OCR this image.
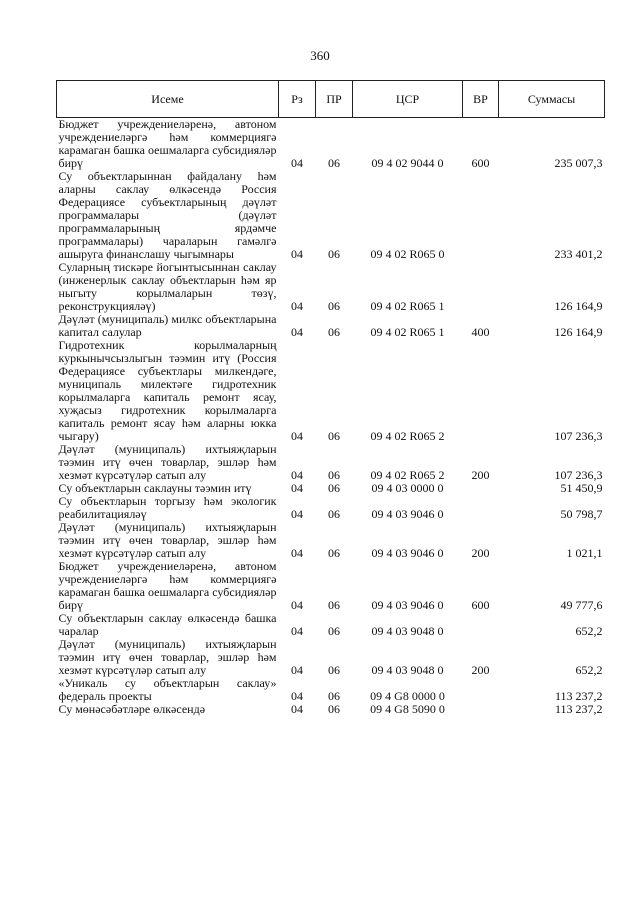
360
Исеме	Рз	ПР	ЦСР	ВР	Суммасы
Бюджет учреждениеләренә, автоном учреждениеләргә һәм коммерциягә карамаган башка оешмаларга субсидияләр бирү	04	06	09 4 02 9044 0	600	235 007,3
Су объектларыннан файдалану һәм аларны саклау өлкәсендә Россия Федерациясе субъектларының дәүләт программалары (дәүләт программаларының ярдәмче программалары) чараларын гамәлгә ашыруга финанслашу чыгымнары	04	06	09 4 02 R065 0		233 401,2
Суларның тискәре йогынтысыннан саклау (инженерлык саклау объектларын һәм яр ныгыту корылмаларын төзү, реконструкцияләү)	04	06	09 4 02 R065 1		126 164,9
Дәүләт (муниципаль) милкс объектларына капитал салулар	04	06	09 4 02 R065 1	400	126 164,9
Гидротехник корылмаларның куркынычсызлыгын тәэмин итү (Россия Федерациясе субъектлары милкендәге, муниципаль милектәге гидротехник корылмаларга капиталь ремонт ясау, хуҗасыз гидротехник корылмаларга капиталь ремонт ясау һәм аларны юкка чыгару)	04	06	09 4 02 R065 2		107 236,3
Дәүләт (муниципаль) ихтыяҗларын тәэмин итү өчен товарлар, эшләр һәм хезмәт күрсәтүләр сатып алу	04	06	09 4 02 R065 2	200	107 236,3
Су объектларын саклауны тәэмин итү	04	06	09 4 03 0000 0		51 450,9
Су объектларын торгызу һәм экологик реабилитацияләү	04	06	09 4 03 9046 0		50 798,7
Дәүләт (муниципаль) ихтыяҗларын тәэмин итү өчен товарлар, эшләр һәм хезмәт күрсәтүләр сатып алу	04	06	09 4 03 9046 0	200	1 021,1
Бюджет учреждениеләренә, автоном учреждениеләргә һәм коммерциягә карамаган башка оешмаларга субсидияләр бирү	04	06	09 4 03 9046 0	600	49 777,6
Су объектларын саклау өлкәсендә башка чаралар	04	06	09 4 03 9048 0		652,2
Дәүләт (муниципаль) ихтыяҗларын тәэмин итү өчен товарлар, эшләр һәм хезмәт күрсәтүләр сатып алу	04	06	09 4 03 9048 0	200	652,2
«Уникаль су объектларын саклау» федераль проекты	04	06	09 4 G8 0000 0		113 237,2
Су мөнәсәбәтләре өлкәсендә	04	06	09 4 G8 5090 0		113 237,2
